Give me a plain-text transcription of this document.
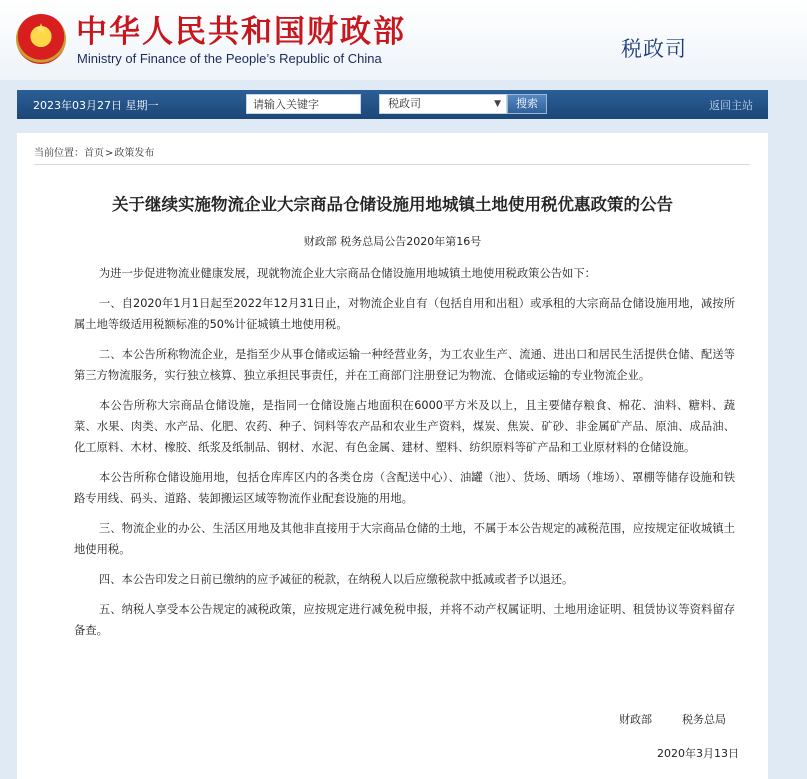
★ 中华人民共和国财政部
Ministry of Finance of the People’s Republic of China	税政司
2023年03月27日 星期一
请输入关键字	税政司	▼	搜索	返回主站
当前位置：首页>政策发布
关于继续实施物流企业大宗商品仓储设施用地城镇土地使用税优惠政策的公告
财政部 税务总局公告2020年第16号

为进一步促进物流业健康发展，现就物流企业大宗商品仓储设施用地城镇土地使用税政策公告如下：

一、自2020年1月1日起至2022年12月31日止，对物流企业自有（包括自用和出租）或承租的大宗商品仓储设施用地，减按所属土地等级适用税额标准的50%计征城镇土地使用税。

二、本公告所称物流企业，是指至少从事仓储或运输一种经营业务，为工农业生产、流通、进出口和居民生活提供仓储、配送等第三方物流服务，实行独立核算、独立承担民事责任，并在工商部门注册登记为物流、仓储或运输的专业物流企业。

本公告所称大宗商品仓储设施，是指同一仓储设施占地面积在6000平方米及以上，且主要储存粮食、棉花、油料、糖料、蔬菜、水果、肉类、水产品、化肥、农药、种子、饲料等农产品和农业生产资料，煤炭、焦炭、矿砂、非金属矿产品、原油、成品油、化工原料、木材、橡胶、纸浆及纸制品、钢材、水泥、有色金属、建材、塑料、纺织原料等矿产品和工业原材料的仓储设施。

本公告所称仓储设施用地，包括仓库库区内的各类仓房（含配送中心）、油罐（池）、货场、晒场（堆场）、罩棚等储存设施和铁路专用线、码头、道路、装卸搬运区域等物流作业配套设施的用地。

三、物流企业的办公、生活区用地及其他非直接用于大宗商品仓储的土地，不属于本公告规定的减税范围，应按规定征收城镇土地使用税。

四、本公告印发之日前已缴纳的应予减征的税款，在纳税人以后应缴税款中抵减或者予以退还。

五、纳税人享受本公告规定的减税政策，应按规定进行减免税申报，并将不动产权属证明、土地用途证明、租赁协议等资料留存备查。

财政部	税务总局
2020年3月13日
